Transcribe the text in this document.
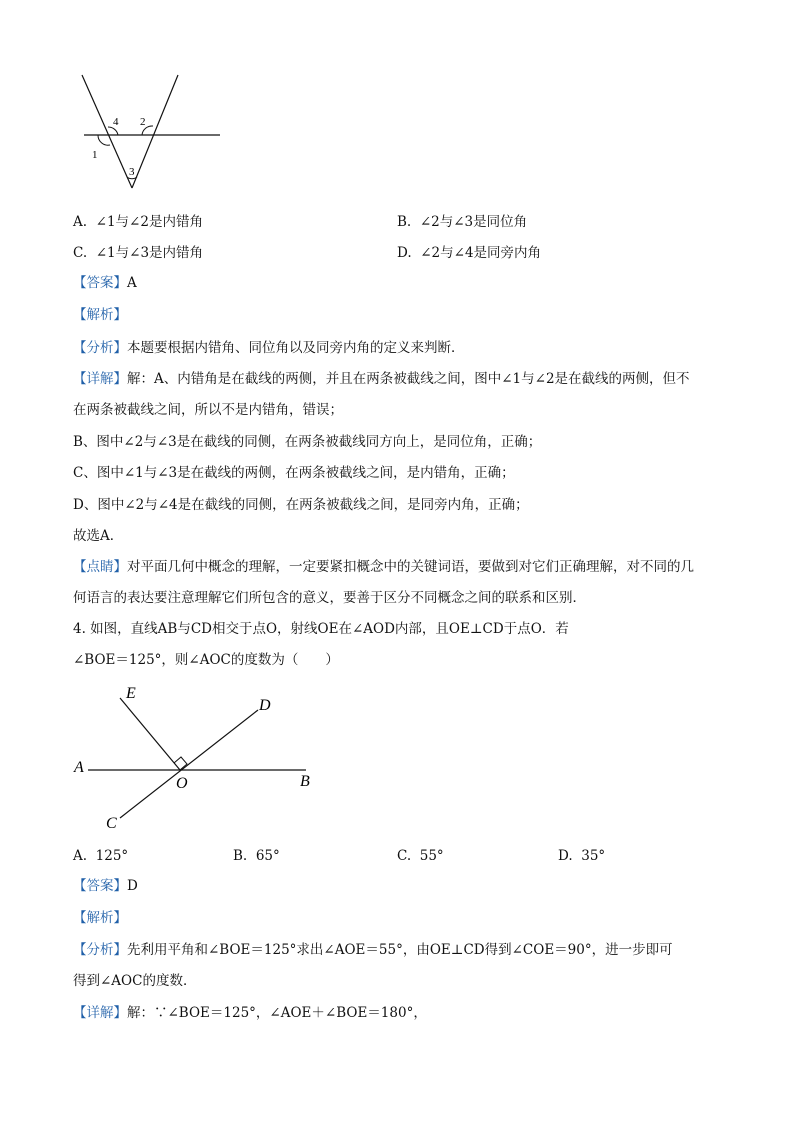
4 2
1
3
A. ∠1与∠2是内错角	B. ∠2与∠3是同位角
C. ∠1与∠3是内错角	D. ∠2与∠4是同旁内角
【答案】A
【解析】
【分析】本题要根据内错角、同位角以及同旁内角的定义来判断．
【详解】解：A、内错角是在截线的两侧，并且在两条被截线之间，图中∠1与∠2是在截线的两侧，但不
在两条被截线之间，所以不是内错角，错误；
B、图中∠2与∠3是在截线的同侧，在两条被截线同方向上，是同位角，正确；
C、图中∠1与∠3是在截线的两侧，在两条被截线之间，是内错角，正确；
D、图中∠2与∠4是在截线的同侧，在两条被截线之间，是同旁内角，正确；
故选A．
【点睛】对平面几何中概念的理解，一定要紧扣概念中的关键词语，要做到对它们正确理解，对不同的几
何语言的表达要注意理解它们所包含的意义，要善于区分不同概念之间的联系和区别．
4. 如图，直线AB与CD相交于点O，射线OE在∠AOD内部，且OE⊥CD于点O．若
∠BOE＝125°，则∠AOC的度数为（　　）
E
D
A
O	B
C
A. 125°	B. 65°	C. 55°	D. 35°
【答案】D
【解析】
【分析】先利用平角和∠BOE＝125°求出∠AOE＝55°，由OE⊥CD得到∠COE＝90°，进一步即可
得到∠AOC的度数．
【详解】解：∵∠BOE＝125°，∠AOE＋∠BOE＝180°，
